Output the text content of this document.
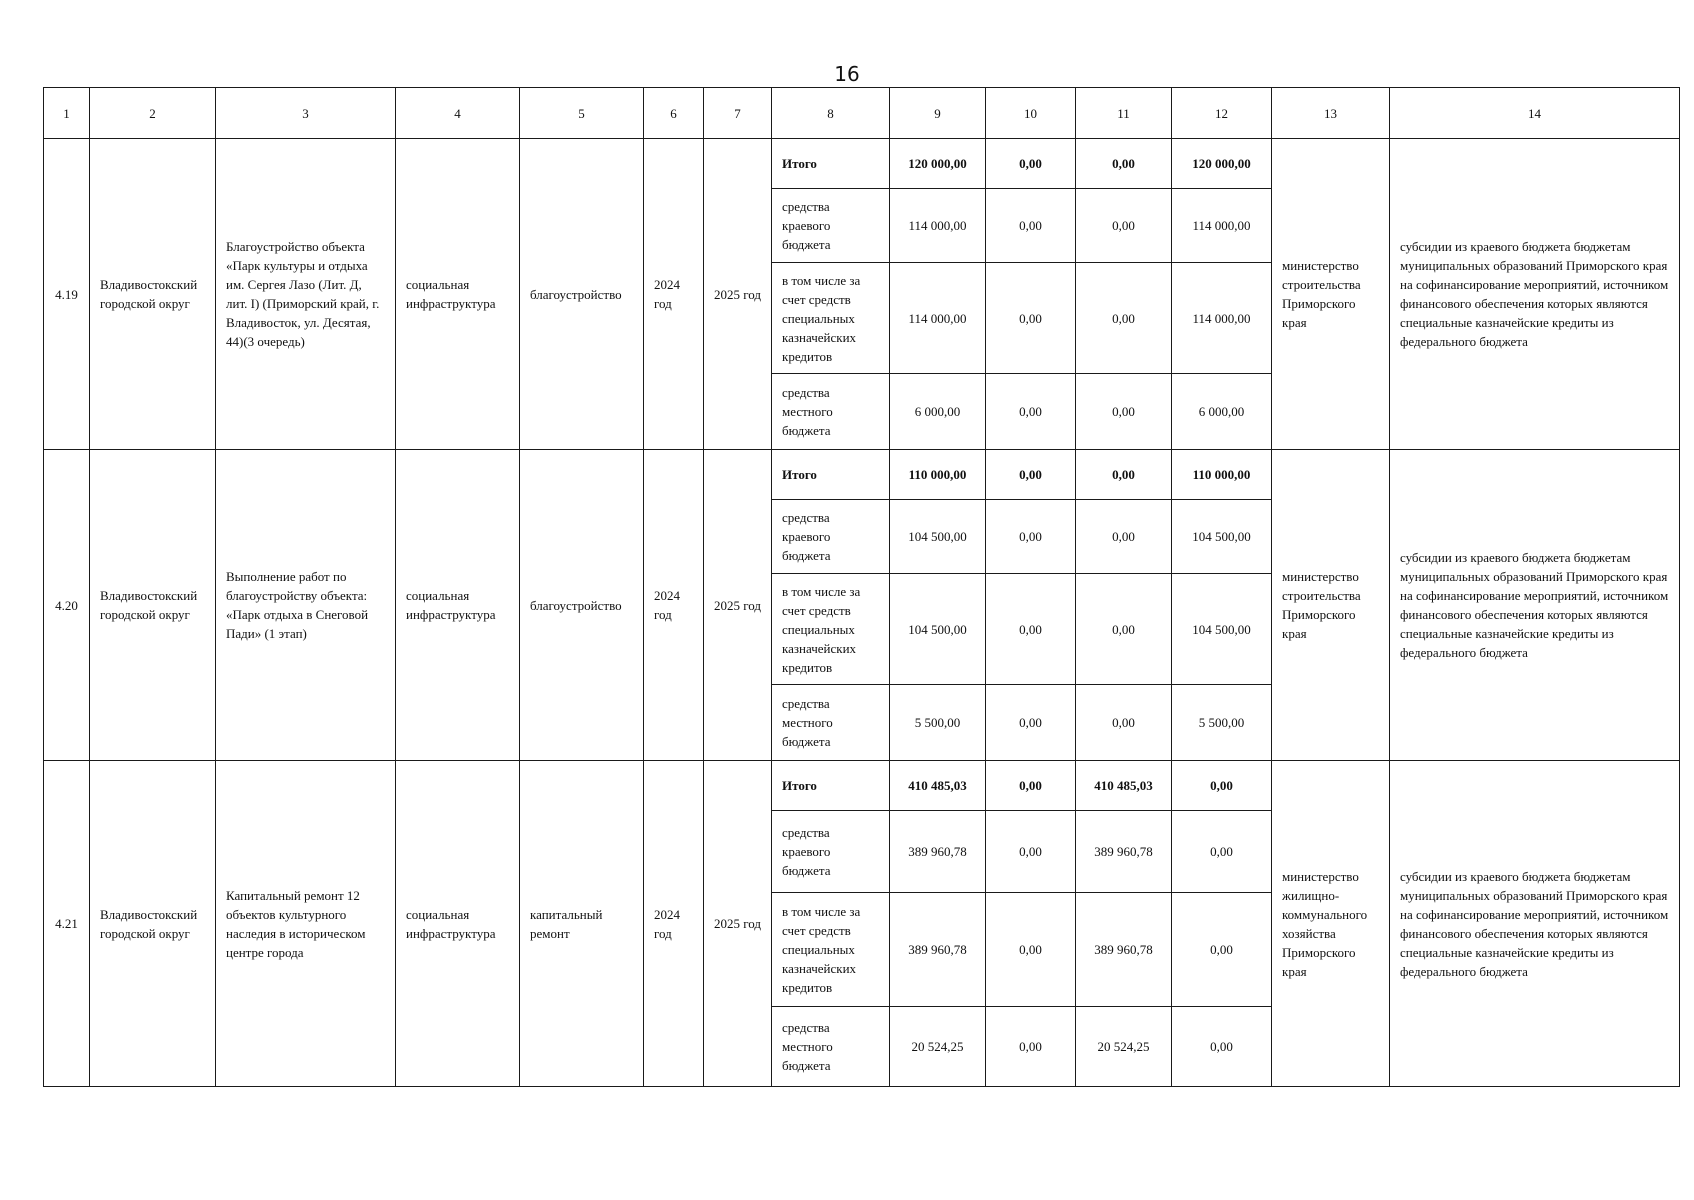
16
1	2	3	4	5	6	7	8	9	10	11	12	13	14
4.19	Владивостокский городской округ	Благоустройство объекта «Парк культуры и отдыха им. Сергея Лазо (Лит. Д, лит. I) (Приморский край, г. Владивосток, ул. Десятая, 44)(3 очередь)	социальная инфраструктура	благоустройство	2024 год	2025 год	Итого	120 000,00	0,00	0,00	120 000,00	министерство строительства Приморского края	субсидии из краевого бюджета бюджетам муниципальных образований Приморского края на софинансирование мероприятий, источником финансового обеспечения которых являются специальные казначейские кредиты из федерального бюджета
							средства краевого бюджета	114 000,00	0,00	0,00	114 000,00		
							в том числе за счет средств специальных казначейских кредитов	114 000,00	0,00	0,00	114 000,00		
							средства местного бюджета	6 000,00	0,00	0,00	6 000,00		
4.20	Владивостокский городской округ	Выполнение работ по благоустройству объекта: «Парк отдыха в Снеговой Пади» (1 этап)	социальная инфраструктура	благоустройство	2024 год	2025 год	Итого	110 000,00	0,00	0,00	110 000,00	министерство строительства Приморского края	субсидии из краевого бюджета бюджетам муниципальных образований Приморского края на софинансирование мероприятий, источником финансового обеспечения которых являются специальные казначейские кредиты из федерального бюджета
							средства краевого бюджета	104 500,00	0,00	0,00	104 500,00		
							в том числе за счет средств специальных казначейских кредитов	104 500,00	0,00	0,00	104 500,00		
							средства местного бюджета	5 500,00	0,00	0,00	5 500,00		
4.21	Владивостокский городской округ	Капитальный ремонт 12 объектов культурного наследия в историческом центре города	социальная инфраструктура	капитальный ремонт	2024 год	2025 год	Итого	410 485,03	0,00	410 485,03	0,00	министерство жилищно-коммунального хозяйства Приморского края	субсидии из краевого бюджета бюджетам муниципальных образований Приморского края на софинансирование мероприятий, источником финансового обеспечения которых являются специальные казначейские кредиты из федерального бюджета
							средства краевого бюджета	389 960,78	0,00	389 960,78	0,00		
							в том числе за счет средств специальных казначейских кредитов	389 960,78	0,00	389 960,78	0,00		
							средства местного бюджета	20 524,25	0,00	20 524,25	0,00		
